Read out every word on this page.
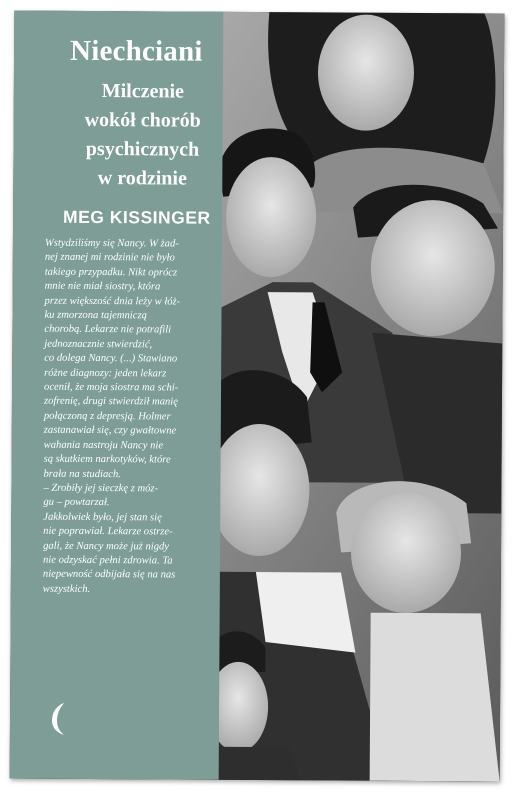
Niechciani
Milczenie
wokół chorób
psychicznych
w rodzinie
MEG KISSINGER

Wstydziliśmy się Nancy. W żad-
nej znanej mi rodzinie nie było
takiego przypadku. Nikt oprócz
mnie nie miał siostry, która
przez większość dnia leży w łóż-
ku zmorzona tajemniczą
chorobą. Lekarze nie potrafili
jednoznacznie stwierdzić,
co dolega Nancy. (...) Stawiano
różne diagnozy: jeden lekarz
ocenił, że moja siostra ma schi-
zofrenię, drugi stwierdził manię
połączoną z depresją. Holmer
zastanawiał się, czy gwałtowne
wahania nastroju Nancy nie
są skutkiem narkotyków, które
brała na studiach.
– Zrobiły jej sieczkę z móz-
gu – powtarzał.
Jakkolwiek było, jej stan się
nie poprawiał. Lekarze ostrze-
gali, że Nancy może już nigdy
nie odzyskać pełni zdrowia. Ta
niepewność odbijała się na nas
wszystkich.
